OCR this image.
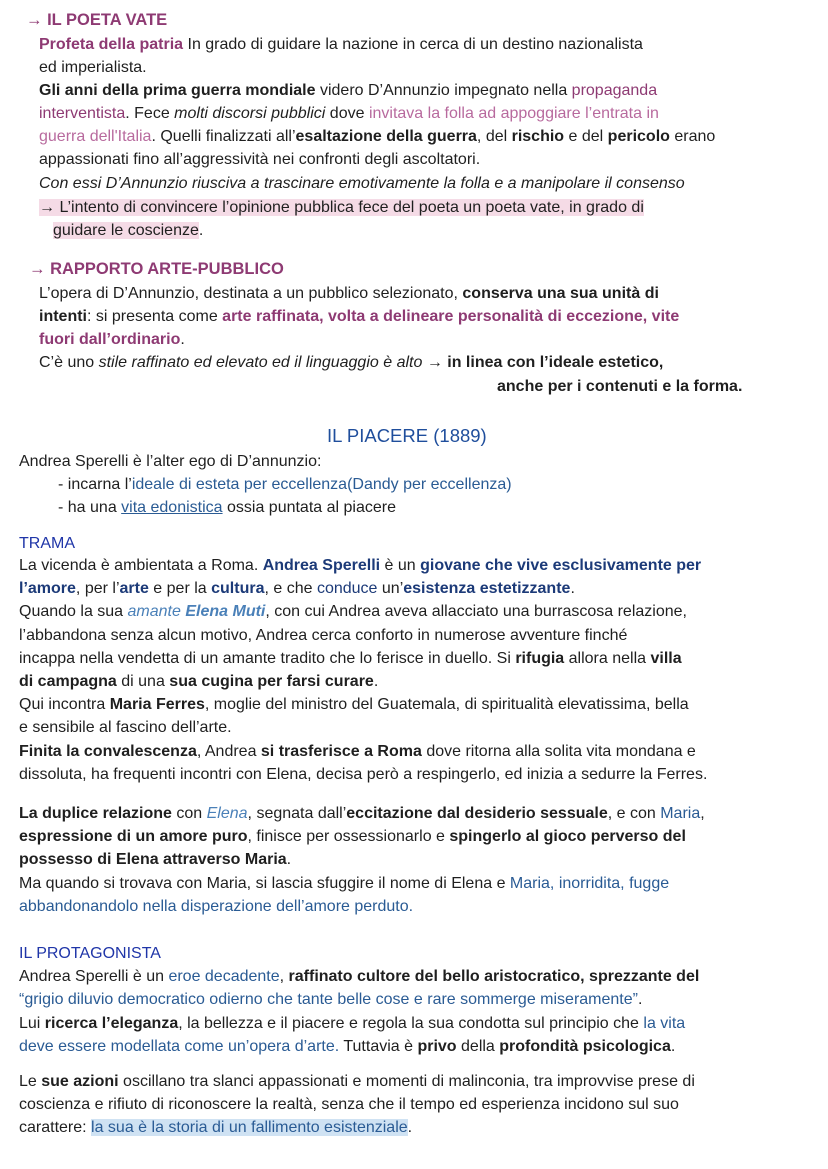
→ IL POETA VATE
Profeta della patria In grado di guidare la nazione in cerca di un destino nazionalista
ed imperialista.
Gli anni della prima guerra mondiale videro D’Annunzio impegnato nella propaganda
interventista. Fece molti discorsi pubblici dove invitava la folla ad appoggiare l’entrata in
guerra dell'Italia. Quelli finalizzati all’esaltazione della guerra, del rischio e del pericolo erano
appassionati fino all’aggressività nei confronti degli ascoltatori.
Con essi D’Annunzio riusciva a trascinare emotivamente la folla e a manipolare il consenso
→ L’intento di convincere l’opinione pubblica fece del poeta un poeta vate, in grado di
guidare le coscienze.
→ RAPPORTO ARTE-PUBBLICO
L’opera di D’Annunzio, destinata a un pubblico selezionato, conserva una sua unità di
intenti: si presenta come arte raffinata, volta a delineare personalità di eccezione, vite
fuori dall’ordinario.
C’è uno stile raffinato ed elevato ed il linguaggio è alto → in linea con l’ideale estetico,
anche per i contenuti e la forma.
IL PIACERE (1889)
Andrea Sperelli è l’alter ego di D’annunzio:
- incarna l’ideale di esteta per eccellenza(Dandy per eccellenza)
- ha una vita edonistica ossia puntata al piacere
TRAMA
La vicenda è ambientata a Roma. Andrea Sperelli è un giovane che vive esclusivamente per
l’amore, per l’arte e per la cultura, e che conduce un’esistenza estetizzante.
Quando la sua amante Elena Muti, con cui Andrea aveva allacciato una burrascosa relazione,
l’abbandona senza alcun motivo, Andrea cerca conforto in numerose avventure finché
incappa nella vendetta di un amante tradito che lo ferisce in duello. Si rifugia allora nella villa
di campagna di una sua cugina per farsi curare.
Qui incontra Maria Ferres, moglie del ministro del Guatemala, di spiritualità elevatissima, bella
e sensibile al fascino dell’arte.
Finita la convalescenza, Andrea si trasferisce a Roma dove ritorna alla solita vita mondana e
dissoluta, ha frequenti incontri con Elena, decisa però a respingerlo, ed inizia a sedurre la Ferres.
La duplice relazione con Elena, segnata dall’eccitazione dal desiderio sessuale, e con Maria,
espressione di un amore puro, finisce per ossessionarlo e spingerlo al gioco perverso del
possesso di Elena attraverso Maria.
Ma quando si trovava con Maria, si lascia sfuggire il nome di Elena e Maria, inorridita, fugge
abbandonandolo nella disperazione dell’amore perduto.
IL PROTAGONISTA
Andrea Sperelli è un eroe decadente, raffinato cultore del bello aristocratico, sprezzante del
“grigio diluvio democratico odierno che tante belle cose e rare sommerge miseramente”.
Lui ricerca l’eleganza, la bellezza e il piacere e regola la sua condotta sul principio che la vita
deve essere modellata come un’opera d’arte. Tuttavia è privo della profondità psicologica.
Le sue azioni oscillano tra slanci appassionati e momenti di malinconia, tra improvvise prese di
coscienza e rifiuto di riconoscere la realtà, senza che il tempo ed esperienza incidono sul suo
carattere: la sua è la storia di un fallimento esistenziale.
